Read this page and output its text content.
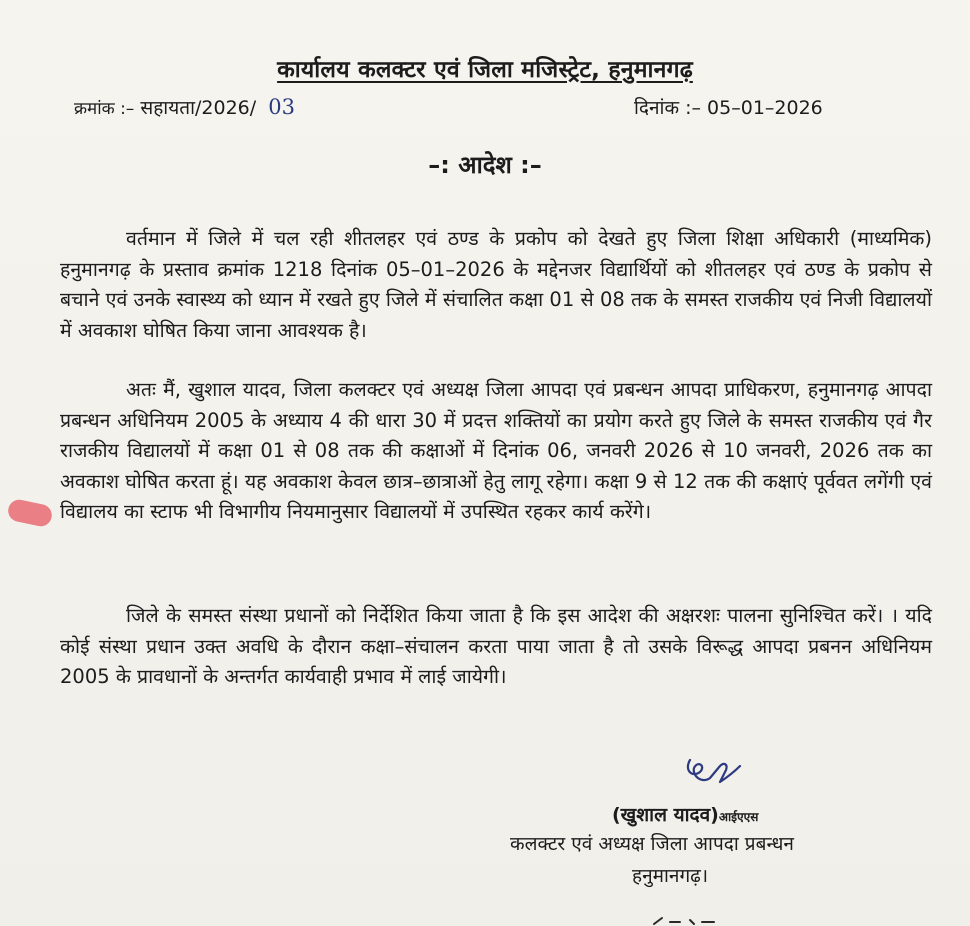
कार्यालय कलक्टर एवं जिला मजिस्ट्रेट, हनुमानगढ़
क्रमांक :– सहायता/2026/ 03	दिनांक :– 05–01–2026
–: आदेश :–
वर्तमान में जिले में चल रही शीतलहर एवं ठण्ड के प्रकोप को देखते हुए जिला शिक्षा अधिकारी (माध्यमिक) हनुमानगढ़ के प्रस्ताव क्रमांक 1218 दिनांक 05–01–2026 के मद्देनजर विद्यार्थियों को शीतलहर एवं ठण्ड के प्रकोप से बचाने एवं उनके स्वास्थ्य को ध्यान में रखते हुए जिले में संचालित कक्षा 01 से 08 तक के समस्त राजकीय एवं निजी विद्यालयों में अवकाश घोषित किया जाना आवश्यक है।
अतः मैं, खुशाल यादव, जिला कलक्टर एवं अध्यक्ष जिला आपदा एवं प्रबन्धन आपदा प्राधिकरण, हनुमानगढ़ आपदा प्रबन्धन अधिनियम 2005 के अध्याय 4 की धारा 30 में प्रदत्त शक्तियों का प्रयोग करते हुए जिले के समस्त राजकीय एवं गैर राजकीय विद्यालयों में कक्षा 01 से 08 तक की कक्षाओं में दिनांक 06, जनवरी 2026 से 10 जनवरी, 2026 तक का अवकाश घोषित करता हूं। यह अवकाश केवल छात्र–छात्राओं हेतु लागू रहेगा। कक्षा 9 से 12 तक की कक्षाएं पूर्ववत लगेंगी एवं विद्यालय का स्टाफ भी विभागीय नियमानुसार विद्यालयों में उपस्थित रहकर कार्य करेंगे।
जिले के समस्त संस्था प्रधानों को निर्देशित किया जाता है कि इस आदेश की अक्षरशः पालना सुनिश्चित करें। । यदि कोई संस्था प्रधान उक्त अवधि के दौरान कक्षा–संचालन करता पाया जाता है तो उसके विरूद्ध आपदा प्रबनन अधिनियम 2005 के प्रावधानों के अन्तर्गत कार्यवाही प्रभाव में लाई जायेगी।
(खुशाल यादव)आईएएस
कलक्टर एवं अध्यक्ष जिला आपदा प्रबन्धन
हनुमानगढ़।
